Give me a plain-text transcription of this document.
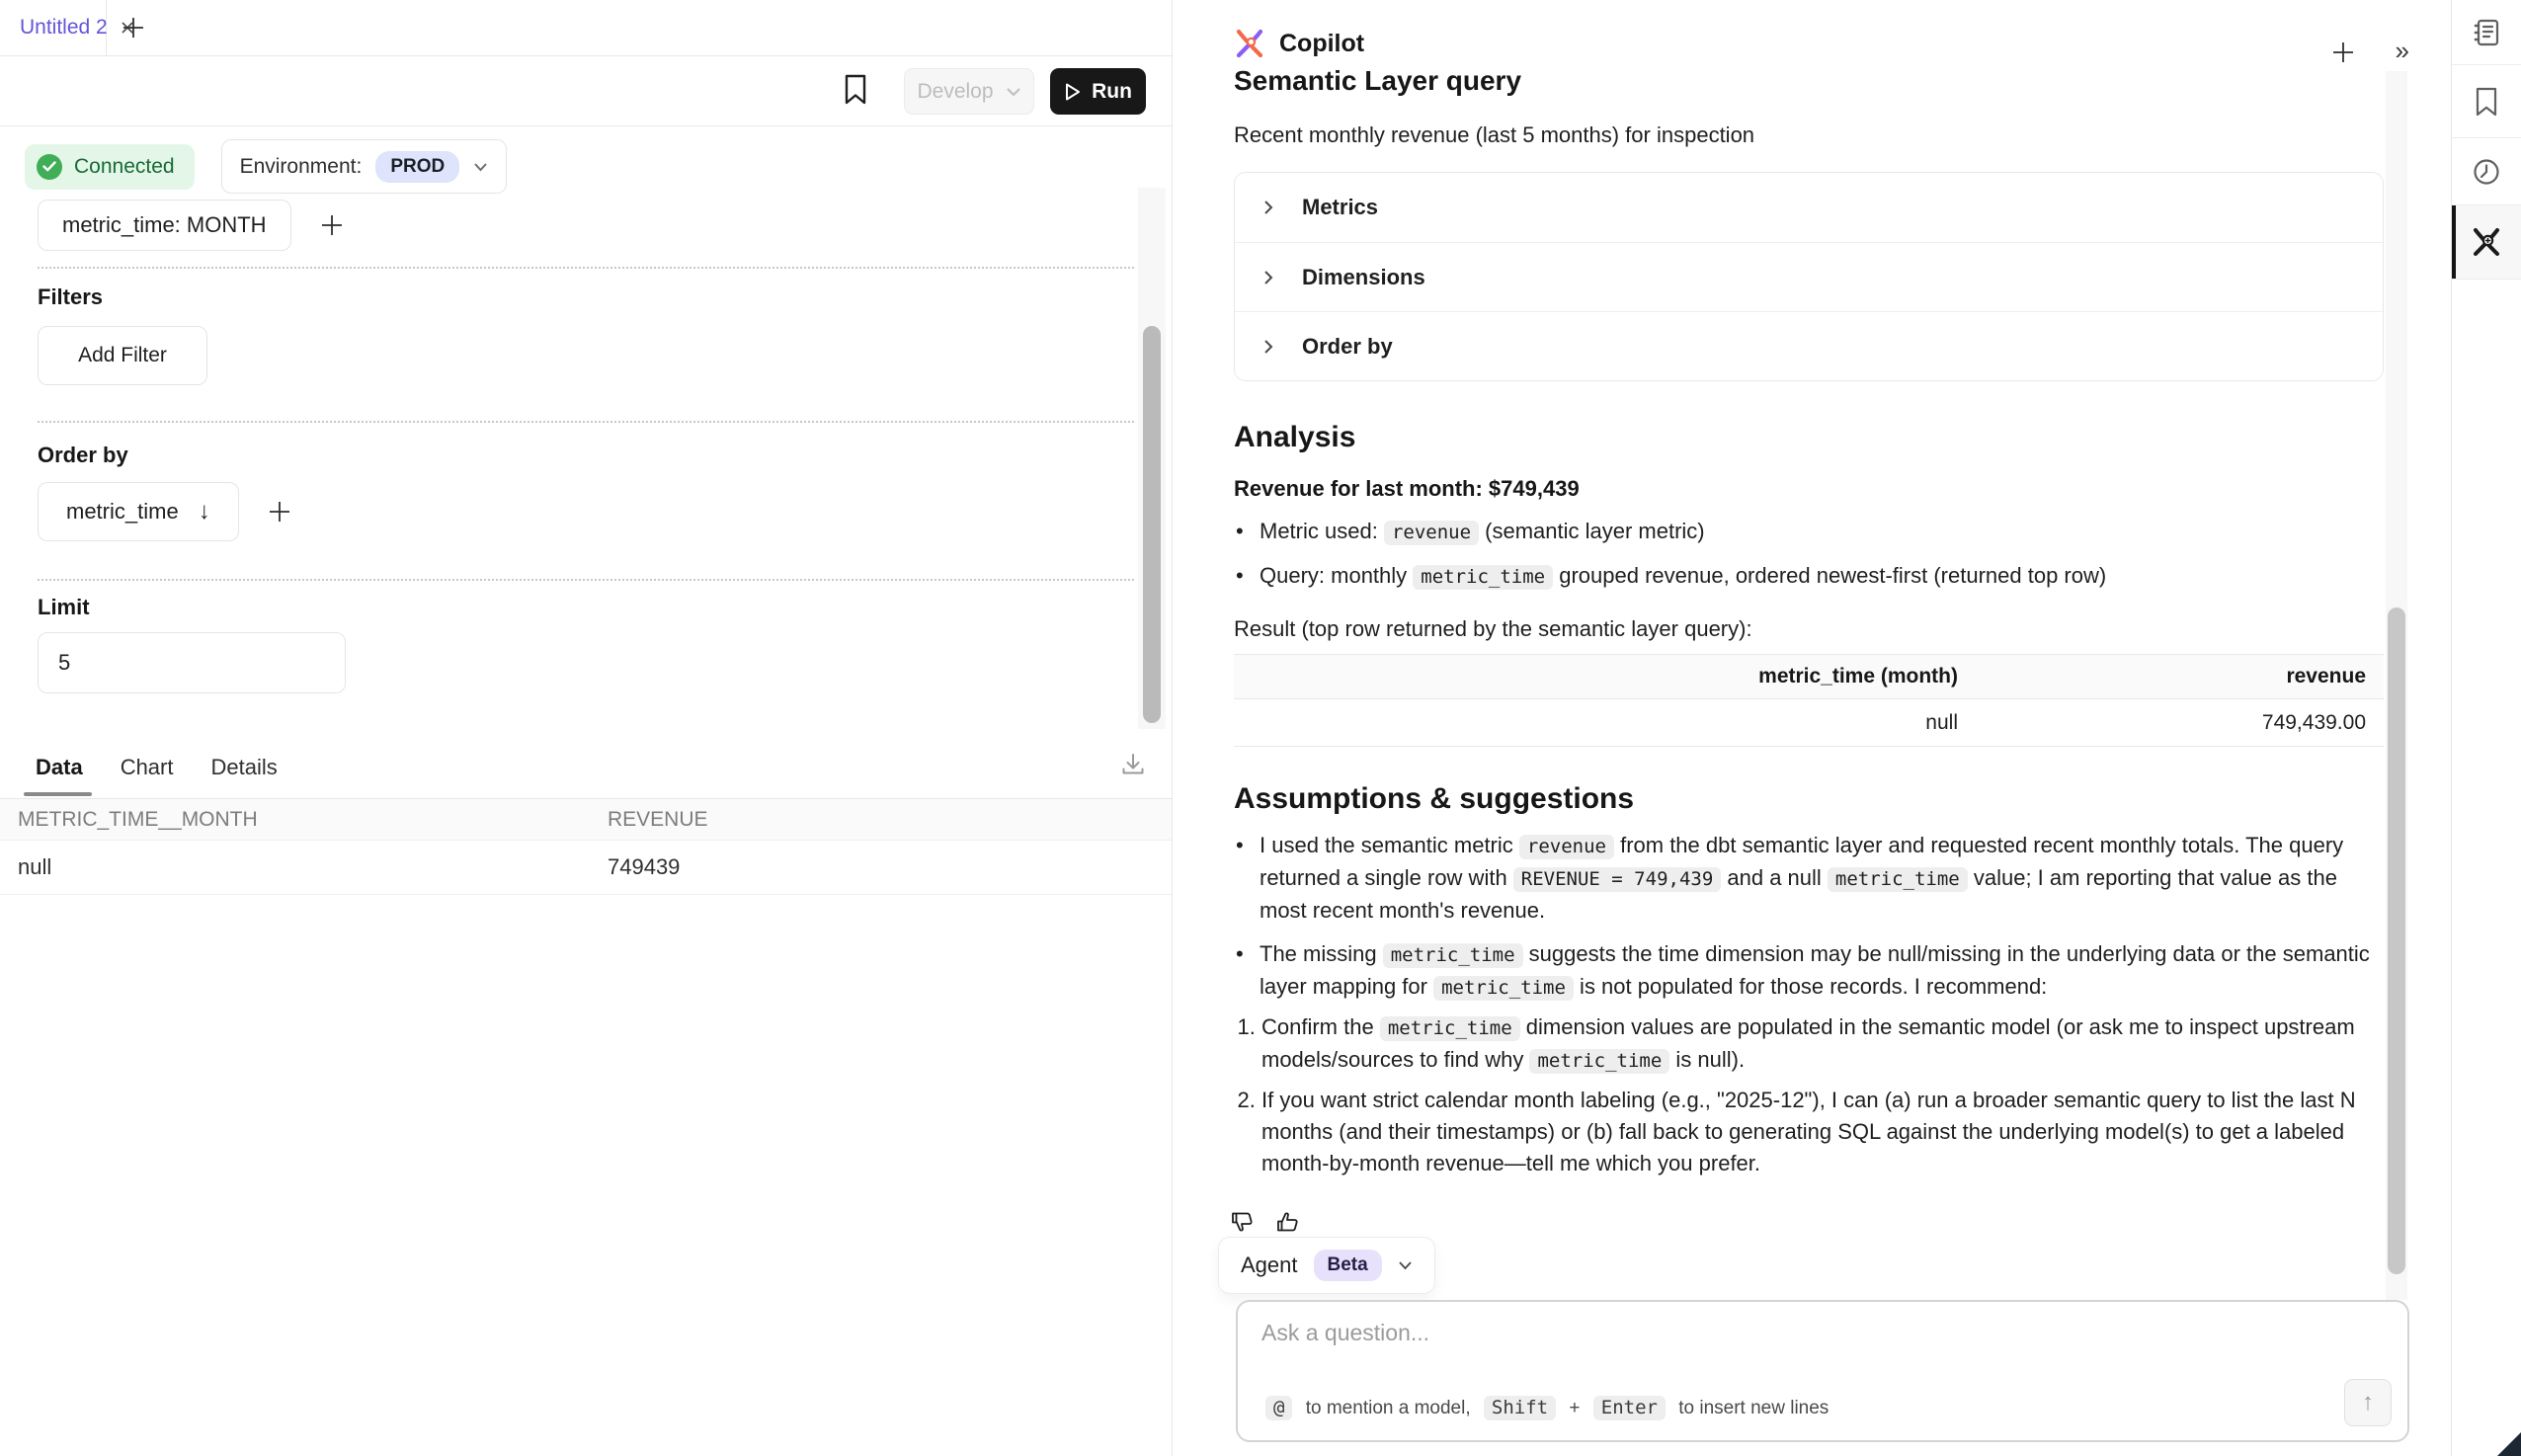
Untitled 2
Develop	Run
Connected	Environment:	PROD
metric_time: MONTH
Filters
Add Filter
Order by
metric_time ↓
Limit
5
Data Chart Details
METRIC_TIME__MONTH	REVENUE
null	749439
Copilot	»
Semantic Layer query
Recent monthly revenue (last 5 months) for inspection
Metrics
Dimensions
Order by
Analysis
Revenue for last month: $749,439
• Metric used: revenue (semantic layer metric)
• Query: monthly metric_time grouped revenue, ordered newest-first (returned top row)
Result (top row returned by the semantic layer query):
metric_time (month)	revenue
null	749,439.00
Assumptions & suggestions
• I used the semantic metric revenue from the dbt semantic layer and requested recent monthly totals. The query returned a single row with REVENUE = 749,439 and a null metric_time value; I am reporting that value as the most recent month's revenue.
• The missing metric_time suggests the time dimension may be null/missing in the underlying data or the semantic layer mapping for metric_time is not populated for those records. I recommend:
1. Confirm the metric_time dimension values are populated in the semantic model (or ask me to inspect upstream models/sources to find why metric_time is null).
2. If you want strict calendar month labeling (e.g., "2025-12"), I can (a) run a broader semantic query to list the last N months (and their timestamps) or (b) fall back to generating SQL against the underlying model(s) to get a labeled month-by-month revenue—tell me which you prefer.
Agent	Beta
Ask a question...
@ to mention a model, Shift + Enter to insert new lines	↑
